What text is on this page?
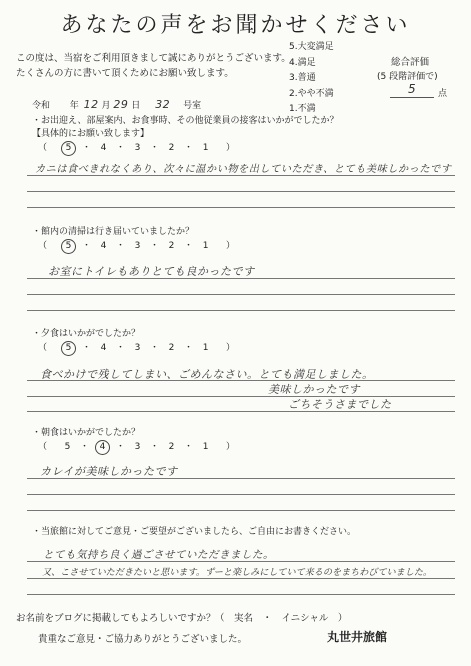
あなたの声をお聞かせください
この度は、当宿をご利用頂きまして誠にありがとうございます。
たくさんの方に書いて頂くためにお願い致します。
5.大変満足
4.満足
3.普通
2.やや不満
1.不満
総合評価
(5 段階評価で)
5 点
令和 年 12 月 29 日 32 号室
・お出迎え、部屋案内、お食事時、その他従業員の接客はいかがでしたか？
【具体的にお願い致します】
（ 5 ・ 4 ・ 3 ・ 2 ・ 1 ）
カニは食べきれなくあり、次々に温かい物を出していただき、とても美味しかったです
・館内の清掃は行き届いていましたか？
（ 5 ・ 4 ・ 3 ・ 2 ・ 1 ）
お室にトイレもありとても良かったです
・夕食はいかがでしたか？
（ 5 ・ 4 ・ 3 ・ 2 ・ 1 ）
食べかけで残してしまい、ごめんなさい。とても満足しました。
美味しかったです
ごちそうさまでした
・朝食はいかがでしたか？
（ 5 ・ 4 ・ 3 ・ 2 ・ 1 ）
カレイが美味しかったです
・当旅館に対してご意見・ご要望がございましたら、ご自由にお書きください。
とても気持ち良く過ごさせていただきました。
又、こさせていただきたいと思います。ずーと楽しみにしていて来るのをまちわびていました。
お名前をブログに掲載してもよろしいですか？ （　実名　・　イニシャル　）
貴重なご意見・ご協力ありがとうございました。	丸世井旅館
